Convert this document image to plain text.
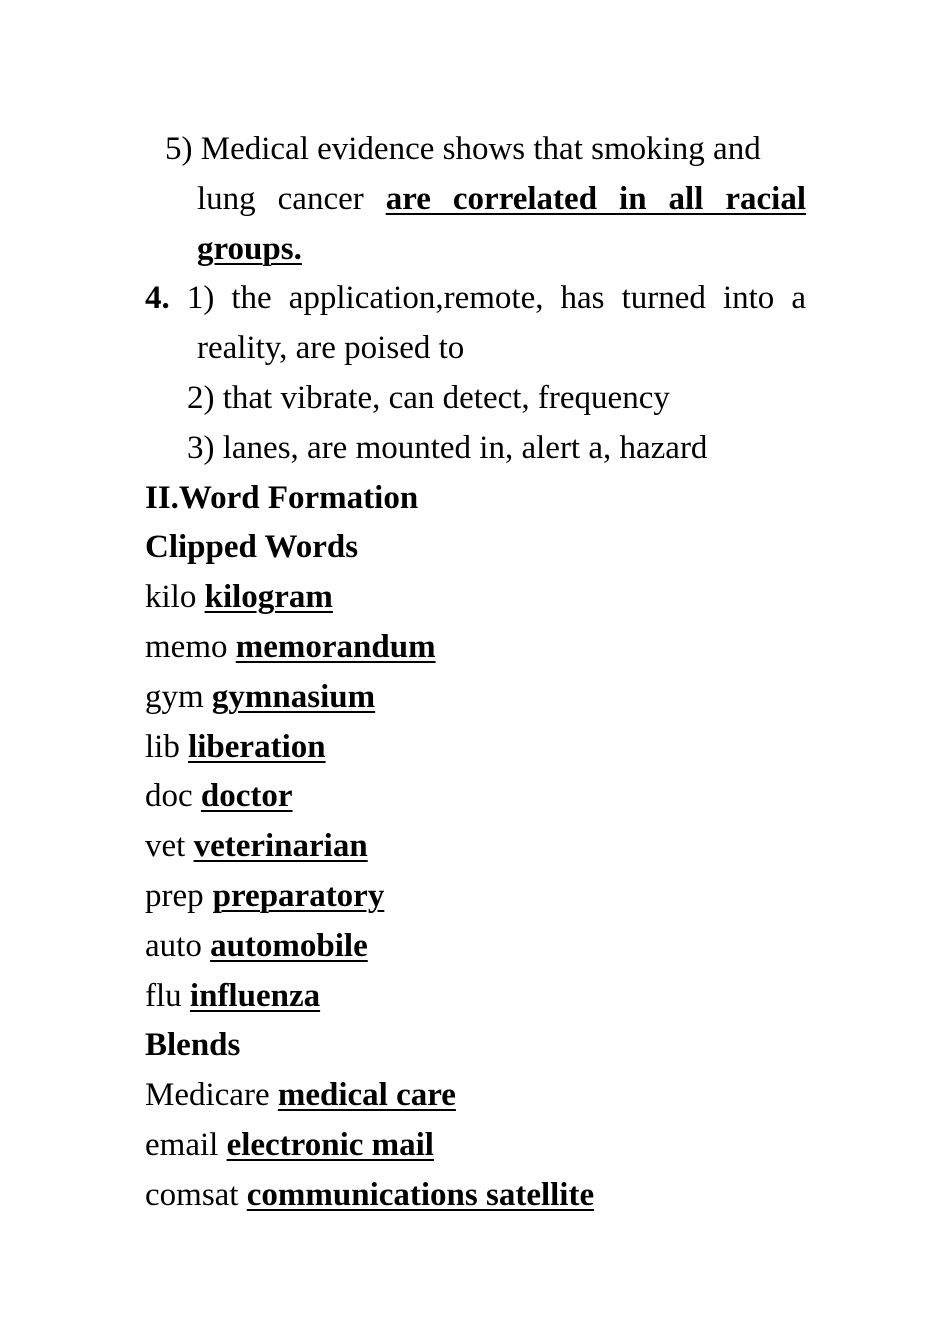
5) Medical evidence shows that smoking and
lung cancer are correlated in all racial
groups.
4. 1) the application,remote, has turned into a
reality, are poised to
2) that vibrate, can detect, frequency
3) lanes, are mounted in, alert a, hazard
II.Word Formation
Clipped Words
kilo kilogram
memo memorandum
gym gymnasium
lib liberation
doc doctor
vet veterinarian
prep preparatory
auto automobile
flu influenza
Blends
Medicare medical care
email electronic mail
comsat communications satellite
